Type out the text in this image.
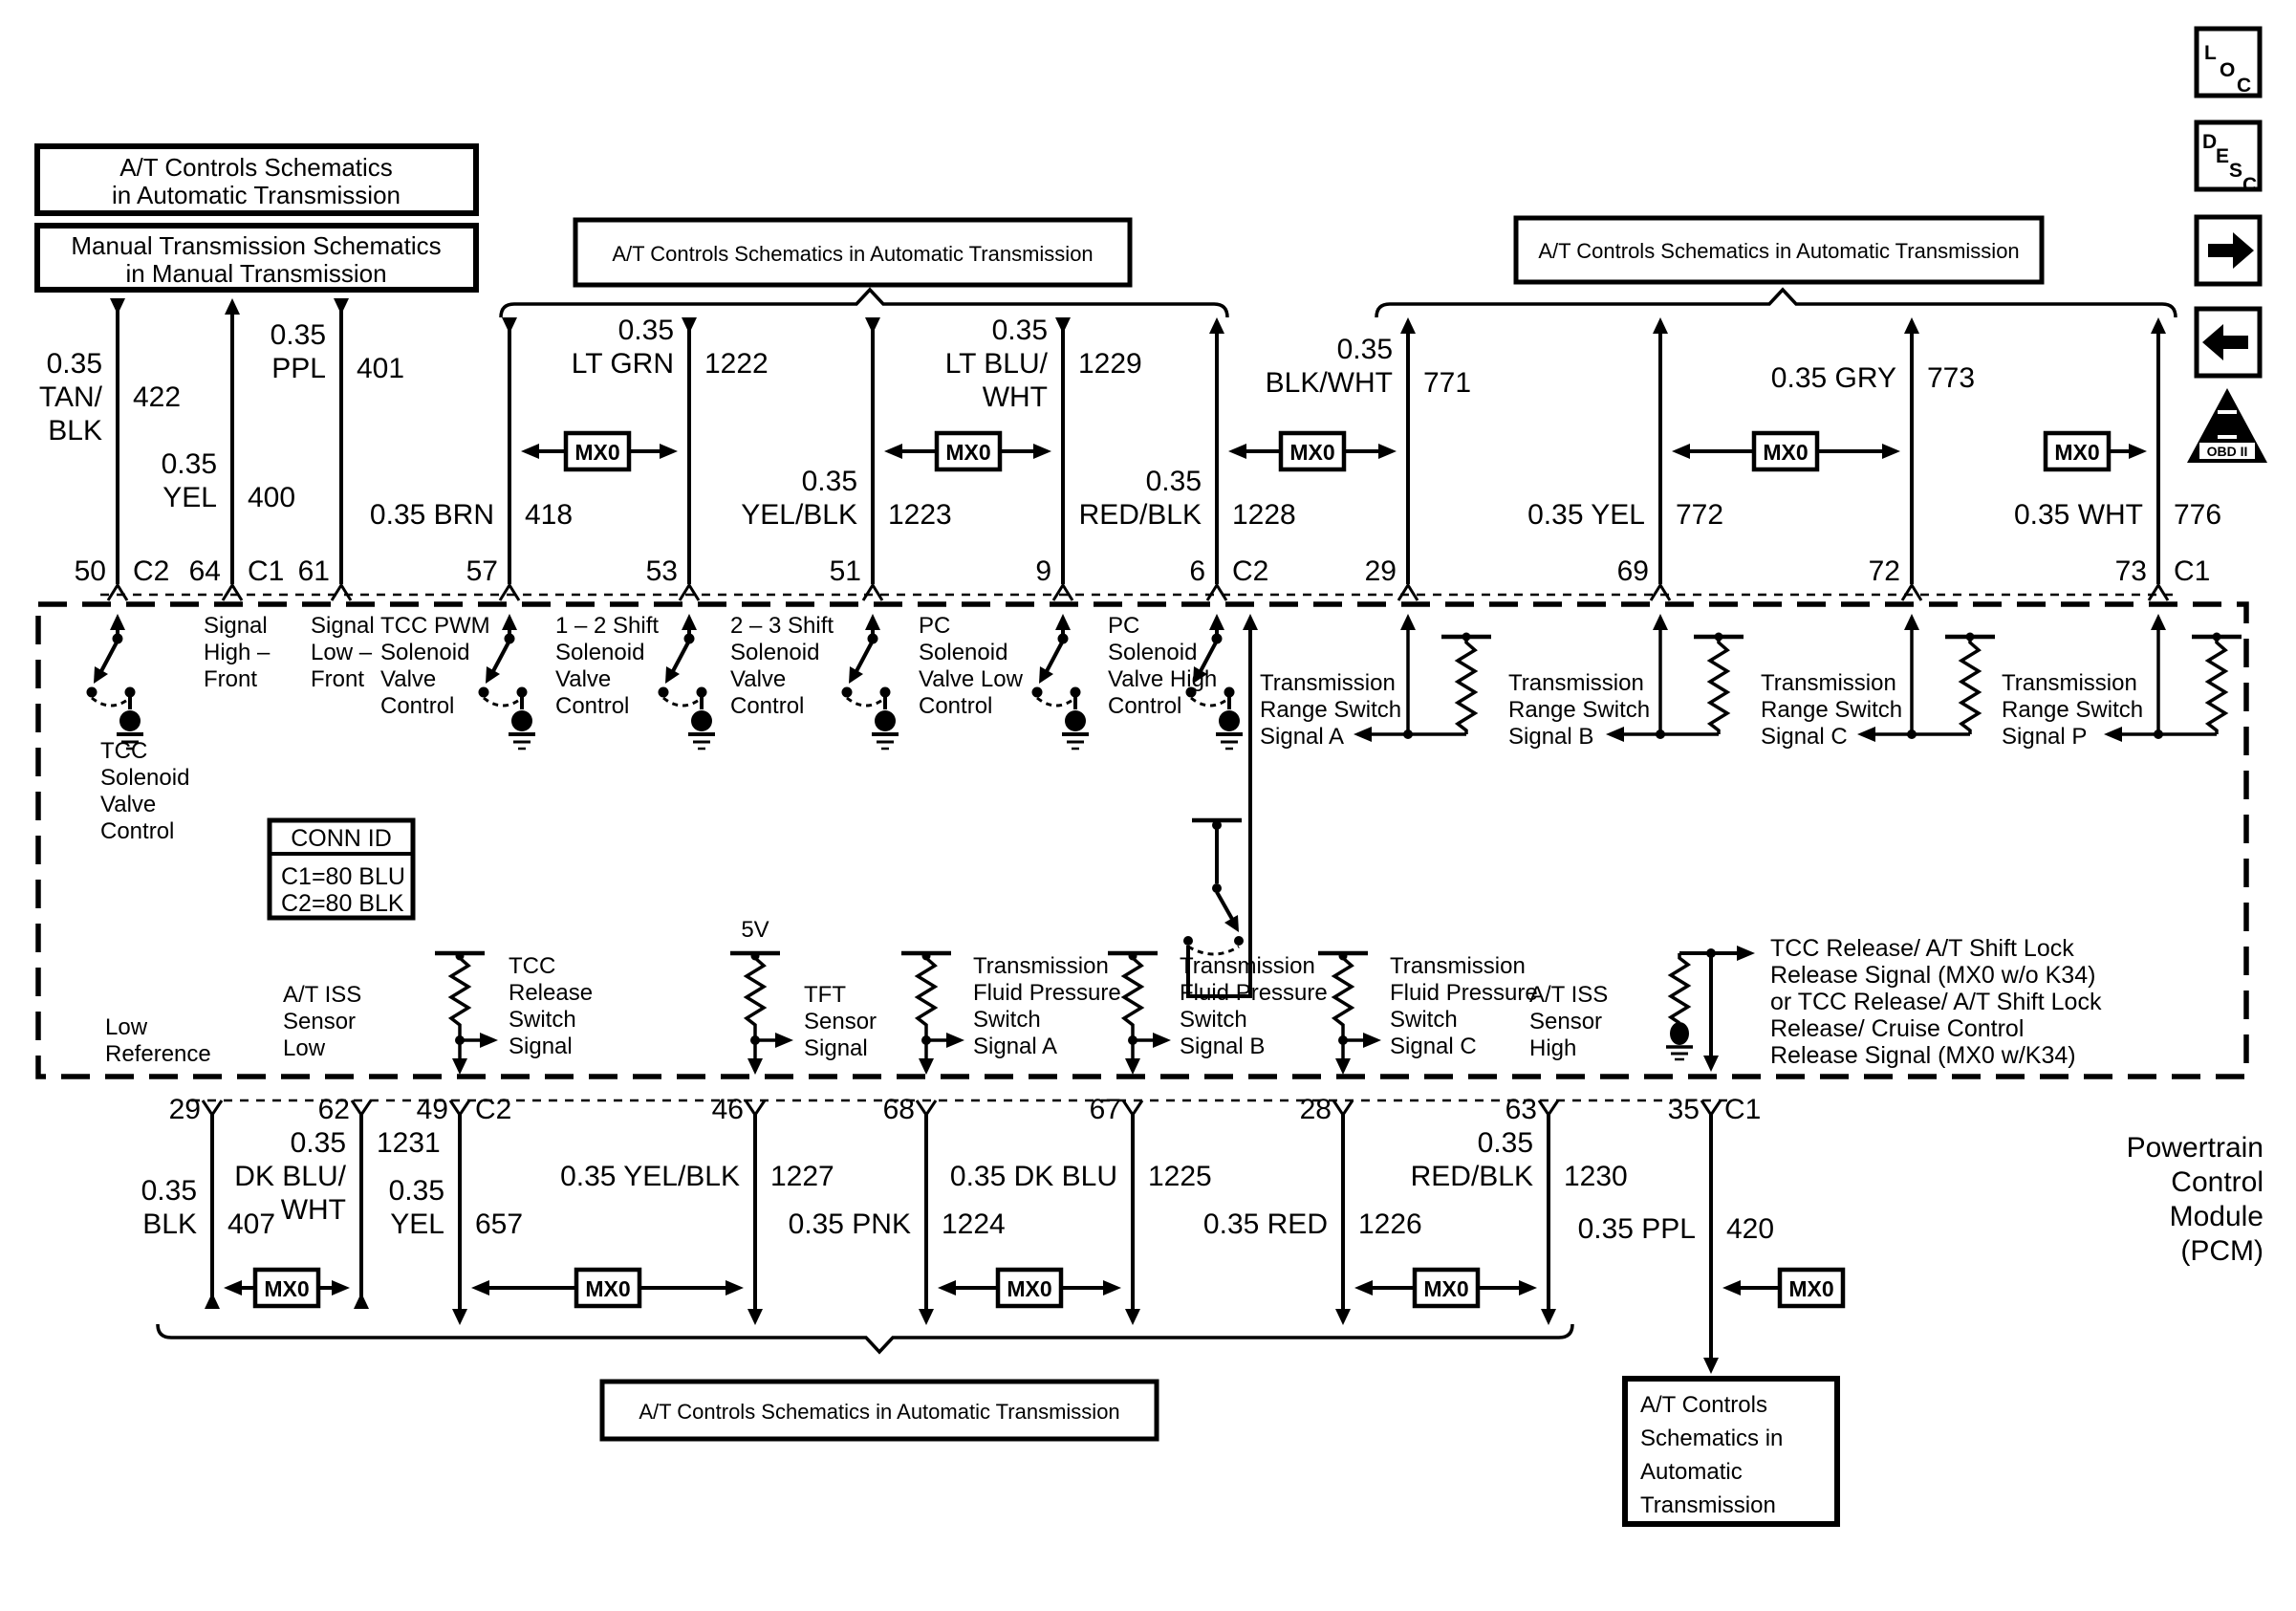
A/T Controls Schematics
in Automatic Transmission
Manual Transmission Schematics
in Manual Transmission
A/T Controls Schematics in Automatic Transmission	A/T Controls Schematics in Automatic Transmission
A/T Controls Schematics in Automatic Transmission	A/T Controls
Schematics in
Automatic
Transmission
L
O
C
D
E
S
C
II
OBD II
0.35
TAN/
BLK
422
50 C2
0.35
YEL 400
64 C1
0.35
PPL 401
61
0.35 BRN 418
57
0.35
LT GRN 1222
53
0.35
YEL/BLK 1223
51
0.35
LT BLU/
WHT
1229
9
0.35
RED/BLK 1228
6 C2
0.35
BLK/WHT 771
29
0.35 YEL 772
69
0.35 GRY 773
72
0.35 WHT 776
73 C1
MX0	MX0	MX0	MX0	MX0
TCC
Solenoid
Valve
Control
Signal
High –
Front
Signal
Low –
Front
TCC PWM
Solenoid
Valve
Control
1 – 2 Shift
Solenoid
Valve
Control
2 – 3 Shift
Solenoid
Valve
Control
PC
Solenoid
Valve Low
Control
PC
Solenoid
Valve High
Control
Transmission
Range Switch
Signal A
Transmission
Range Switch
Signal B
Transmission
Range Switch
Signal C
Transmission
Range Switch
Signal P
CONN ID
C1=80 BLU
C2=80 BLK
Low
Reference
A/T ISS
Sensor
Low
TCC
Release
Switch
Signal
5V
TFT
Sensor
Signal
Transmission
Fluid Pressure
Switch
Signal A
Transmission
Fluid Pressure
Switch
Signal B
Transmission
Fluid Pressure
Switch
Signal C
A/T ISS
Sensor
High
TCC Release/ A/T Shift Lock
Release Signal (MX0 w/o K34)
or TCC Release/ A/T Shift Lock
Release/ Cruise Control
Release Signal (MX0 w/K34)
29
0.35
BLK 407
62
0.35
DK BLU/
WHT
1231
49 C2
0.35
YEL 657
46
0.35 YEL/BLK 1227
68
0.35 PNK 1224
67
0.35 DK BLU 1225
28
0.35 RED 1226
63
0.35
RED/BLK 1230
35 C1
0.35 PPL 420
MX0	MX0	MX0	MX0	MX0
Powertrain
Control
Module
(PCM)
